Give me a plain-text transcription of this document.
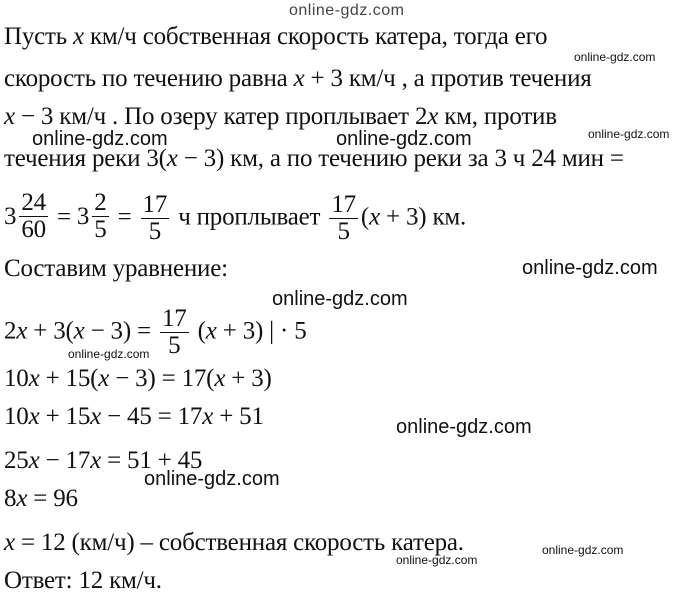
online-gdz.com
Пусть x км/ч собственная скорость катера, тогда его
online-gdz.com
скорость по течению равна x + 3 км/ч , а против течения
x − 3 км/ч . По озеру катер проплывает 2x км, против
online-gdz.com	online-gdz.com	online-gdz.com
течения реки 3(x − 3) км, а по течению реки за 3 ч 24 мин =
$3 \frac{24}{60} = 3 \frac{2}{5} = \frac{17}{5}$ ч проплывает $\frac{17}{5} (x + 3)$ км.
Составим уравнение:	online-gdz.com
online-gdz.com
$2x + 3(x - 3) = \frac{17}{5} (x + 3)$ | · 5
online-gdz.com
10x + 15(x − 3) = 17(x + 3)
10x + 15x − 45 = 17x + 51	online-gdz.com
25x − 17x = 51 + 45
online-gdz.com
8x = 96
x = 12 (км/ч) – собственная скорость катера.	online-gdz.com
online-gdz.com
Ответ: 12 км/ч.
